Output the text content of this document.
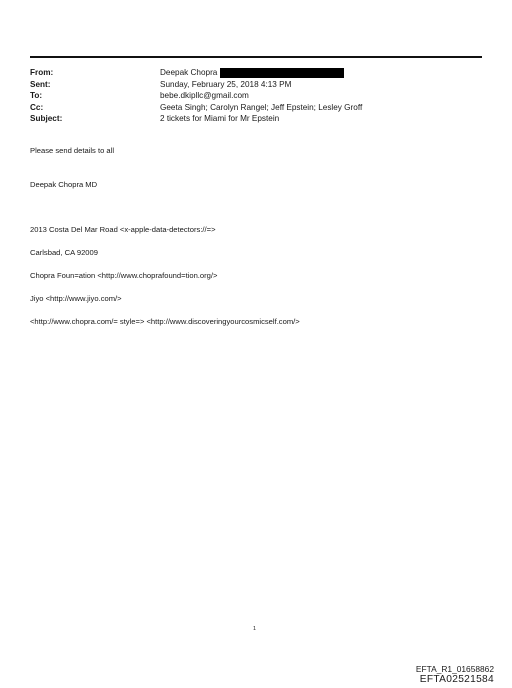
From:	Deepak Chopra
Sent:	Sunday, February 25, 2018 4:13 PM
To:	bebe.dkipllc@gmail.com
Cc:	Geeta Singh; Carolyn Rangel; Jeff Epstein; Lesley Groff
Subject:	2 tickets for Miami for Mr Epstein
Please send details to all
Deepak Chopra MD
2013 Costa Del Mar Road <x-apple-data-detectors://=>
Carlsbad, CA 92009
Chopra Foun=ation <http://www.choprafound=tion.org/>
Jiyo <http://www.jiyo.com/>
<http://www.chopra.com/= style=> <http://www.discoveringyourcosmicself.com/>
1
EFTA_R1_01658862
EFTA02521584
